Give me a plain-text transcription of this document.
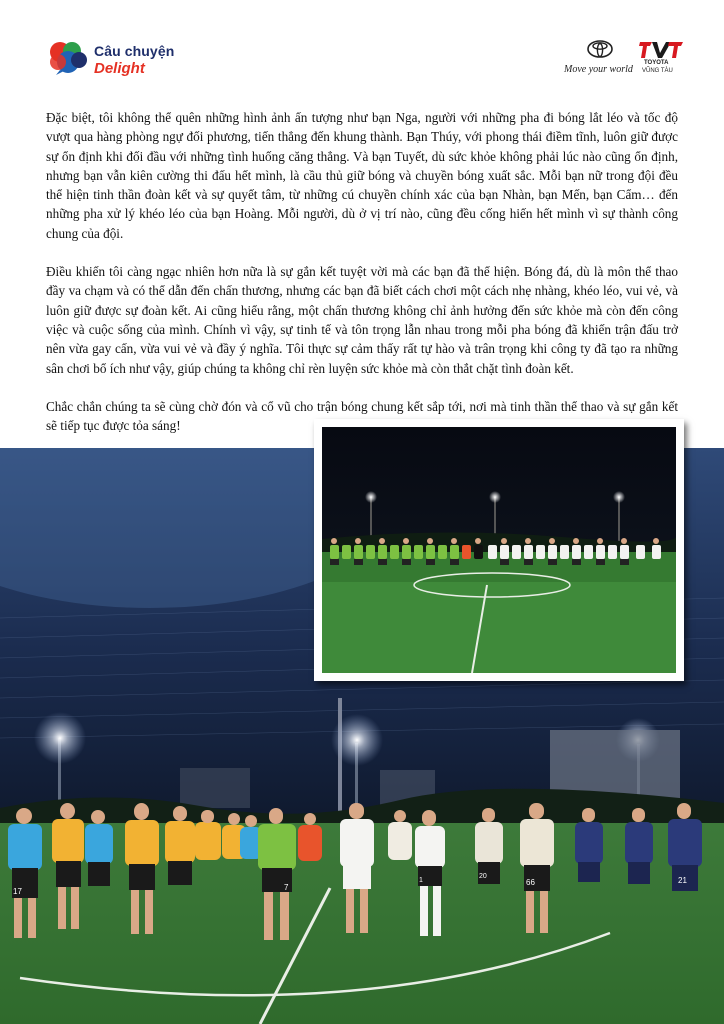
Câu chuyện
Delight	Move your world
TOYOTA
VŨNG TÀU

Đặc biệt, tôi không thể quên những hình ảnh ấn tượng như bạn Nga, người với những pha đi bóng lắt léo và tốc độ vượt qua hàng phòng ngự đối phương, tiến thẳng đến khung thành. Bạn Thúy, với phong thái điềm tĩnh, luôn giữ được sự ổn định khi đối đầu với những tình huống căng thẳng. Và bạn Tuyết, dù sức khỏe không phải lúc nào cũng ổn định, nhưng bạn vẫn kiên cường thi đấu hết mình, là cầu thủ giữ bóng và chuyền bóng xuất sắc. Mỗi bạn nữ trong đội đều thể hiện tinh thần đoàn kết và sự quyết tâm, từ những cú chuyền chính xác của bạn Nhàn, bạn Mến, bạn Cẩm… đến những pha xử lý khéo léo của bạn Hoàng. Mỗi người, dù ở vị trí nào, cũng đều cống hiến hết mình vì sự thành công chung của đội.

Điều khiến tôi càng ngạc nhiên hơn nữa là sự gắn kết tuyệt vời mà các bạn đã thể hiện. Bóng đá, dù là môn thể thao đầy va chạm và có thể dẫn đến chấn thương, nhưng các bạn đã biết cách chơi một cách nhẹ nhàng, khéo léo, vui vẻ, và luôn giữ được sự đoàn kết. Ai cũng hiểu rằng, một chấn thương không chỉ ảnh hưởng đến sức khỏe mà còn đến công việc và cuộc sống của mình. Chính vì vậy, sự tinh tế và tôn trọng lẫn nhau trong mỗi pha bóng đã khiến trận đấu trở nên vừa gay cấn, vừa vui vẻ và đầy ý nghĩa. Tôi thực sự cảm thấy rất tự hào và trân trọng khi công ty đã tạo ra những sân chơi bổ ích như vậy, giúp chúng ta không chỉ rèn luyện sức khỏe mà còn thắt chặt tình đoàn kết.

Chắc chắn chúng ta sẽ cùng chờ đón và cổ vũ cho trận bóng chung kết sắp tới, nơi mà tinh thần thể thao và sự gắn kết sẽ tiếp tục được tỏa sáng!

17	7
1
20
66	21
